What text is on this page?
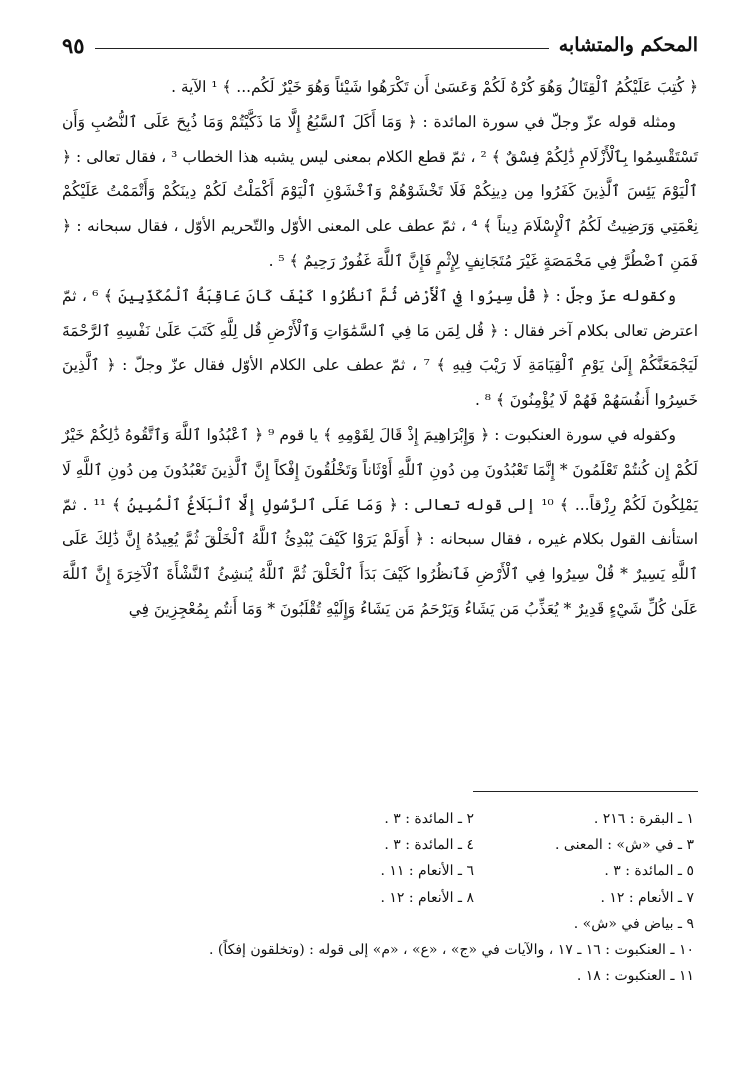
المحكم والمتشابه
٩٥

﴿ كُتِبَ عَلَيْكُمُ ٱلْقِتَالُ وَهُوَ كُرْهٌ لَكُمْ وَعَسَىٰ أَن تَكْرَهُوا شَيْئاً وَهُوَ خَيْرٌ لَكُم... ﴾ ¹ الآية .

ومثله قوله عزّ وجلّ في سورة المائدة : ﴿ وَمَا أَكَلَ ٱلسَّبُعُ إِلَّا مَا ذَكَّيْتُمْ وَمَا ذُبِحَ عَلَى ٱلنُّصُبِ وَأَن تَسْتَقْسِمُوا بِٱلْأَزْلَامِ ذَٰلِكُمْ فِسْقٌ ﴾ ² ، ثمّ قطع الكلام بمعنى ليس يشبه هذا الخطاب ³ ، فقال تعالى : ﴿ ٱلْيَوْمَ يَئِسَ ٱلَّذِينَ كَفَرُوا مِن دِينِكُمْ فَلَا تَخْشَوْهُمْ وَٱخْشَوْنِ ٱلْيَوْمَ أَكْمَلْتُ لَكُمْ دِينَكُمْ وَأَتْمَمْتُ عَلَيْكُمْ نِعْمَتِي وَرَضِيتُ لَكُمُ ٱلْإِسْلَامَ دِيناً ﴾ ⁴ ، ثمّ عطف على المعنى الأوّل والتّحريم الأوّل ، فقال سبحانه : ﴿ فَمَنِ ٱضْطُرَّ فِي مَخْمَصَةٍ غَيْرَ مُتَجَانِفٍ لِإِثْمٍ فَإِنَّ ٱللَّهَ غَفُورٌ رَحِيمٌ ﴾ ⁵ .

وكقوله عزّ وجلّ : ﴿ قُلْ سِيرُوا فِي ٱلْأَرْضِ ثُمَّ ٱنظُرُوا كَيْفَ كَانَ عَاقِبَةُ ٱلْمُكَذِّبِينَ ﴾ ⁶ ، ثمّ اعترض تعالى بكلام آخر فقال : ﴿ قُل لِمَن مَا فِي ٱلسَّمَٰوَاتِ وَٱلْأَرْضِ قُل لِلَّهِ كَتَبَ عَلَىٰ نَفْسِهِ ٱلرَّحْمَةَ لَيَجْمَعَنَّكُمْ إِلَىٰ يَوْمِ ٱلْقِيَامَةِ لَا رَيْبَ فِيهِ ﴾ ⁷ ، ثمّ عطف على الكلام الأوّل فقال عزّ وجلّ : ﴿ ٱلَّذِينَ خَسِرُوا أَنفُسَهُمْ فَهُمْ لَا يُؤْمِنُونَ ﴾ ⁸ .

وكقوله في سورة العنكبوت : ﴿ وَإِبْرَاهِيمَ إِذْ قَالَ لِقَوْمِهِ ﴾ يا قوم ⁹ ﴿ ٱعْبُدُوا ٱللَّهَ وَٱتَّقُوهُ ذَٰلِكُمْ خَيْرٌ لَكُمْ إِن كُنتُمْ تَعْلَمُونَ * إِنَّمَا تَعْبُدُونَ مِن دُونِ ٱللَّهِ أَوْثَاناً وَتَخْلُقُونَ إِفْكاً إِنَّ ٱلَّذِينَ تَعْبُدُونَ مِن دُونِ ٱللَّهِ لَا يَمْلِكُونَ لَكُمْ رِزْقاً... ﴾ ¹⁰ إلى قوله تعالى : ﴿ وَمَا عَلَى ٱلرَّسُولِ إِلَّا ٱلْبَلَاغُ ٱلْمُبِينُ ﴾ ¹¹ . ثمّ استأنف القول بكلام غيره ، فقال سبحانه : ﴿ أَوَلَمْ يَرَوْا كَيْفَ يُبْدِئُ ٱللَّهُ ٱلْخَلْقَ ثُمَّ يُعِيدُهُ إِنَّ ذَٰلِكَ عَلَى ٱللَّهِ يَسِيرٌ * قُلْ سِيرُوا فِي ٱلْأَرْضِ فَٱنظُرُوا كَيْفَ بَدَأَ ٱلْخَلْقَ ثُمَّ ٱللَّهُ يُنشِئُ ٱلنَّشْأَةَ ٱلْآخِرَةَ إِنَّ ٱللَّهَ عَلَىٰ كُلِّ شَيْءٍ قَدِيرٌ * يُعَذِّبُ مَن يَشَاءُ وَيَرْحَمُ مَن يَشَاءُ وَإِلَيْهِ تُقْلَبُونَ * وَمَا أَنتُم بِمُعْجِزِينَ فِي

١ ـ البقرة : ٢١٦ .
٢ ـ المائدة : ٣ .
٣ ـ في «ش» : المعنى .
٤ ـ المائدة : ٣ .
٥ ـ المائدة : ٣ .
٦ ـ الأنعام : ١١ .
٧ ـ الأنعام : ١٢ .
٨ ـ الأنعام : ١٢ .
٩ ـ بياض في «ش» .
١٠ ـ العنكبوت : ١٦ ـ ١٧ ، والآيات في «ج» ، «ع» ، «م» إلى قوله : (وتخلقون إفكاً) .
١١ ـ العنكبوت : ١٨ .
